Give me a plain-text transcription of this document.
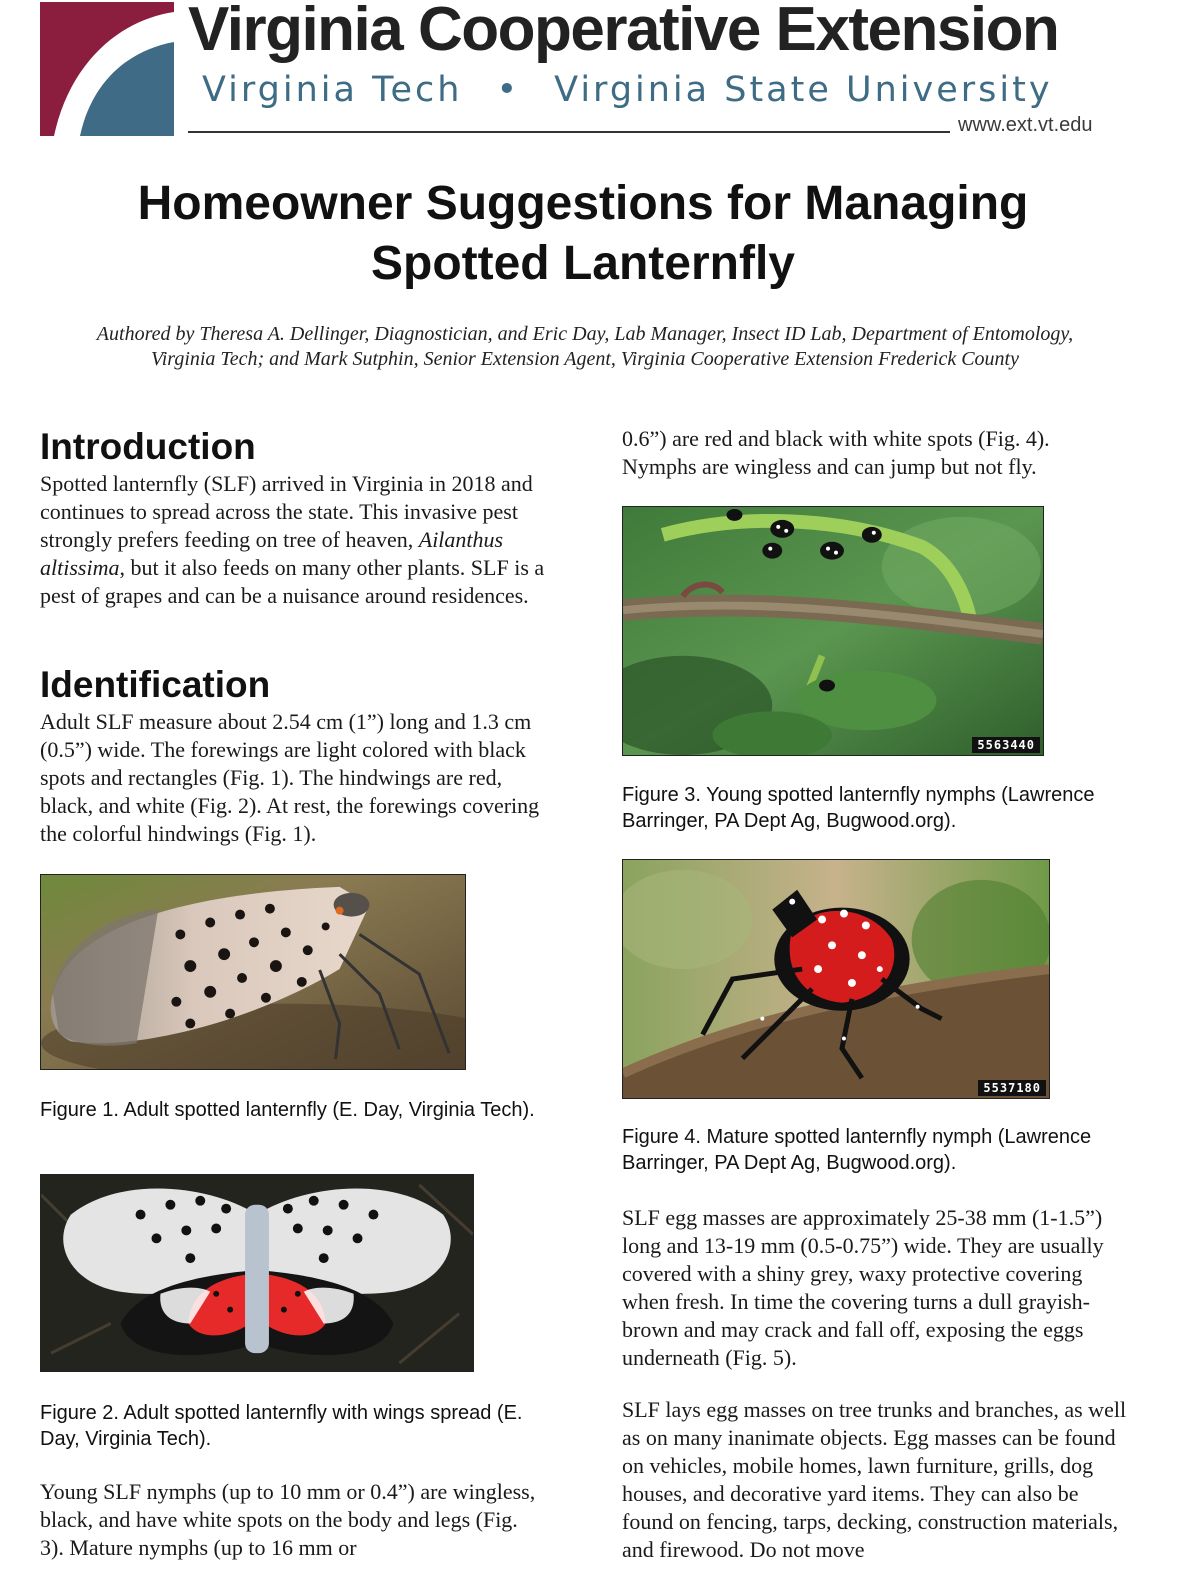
Virginia Cooperative Extension
Virginia Tech • Virginia State University
www.ext.vt.edu
Homeowner Suggestions for Managing
Spotted Lanternfly

Authored by Theresa A. Dellinger, Diagnostician, and Eric Day, Lab Manager, Insect ID Lab, Department of Entomology,
Virginia Tech; and Mark Sutphin, Senior Extension Agent, Virginia Cooperative Extension Frederick County

Introduction

Spotted lanternfly (SLF) arrived in Virginia in 2018 and continues to spread across the state. This invasive pest strongly prefers feeding on tree of heaven, Ailanthus altissima, but it also feeds on many other plants. SLF is a pest of grapes and can be a nuisance around residences.

Identification

Adult SLF measure about 2.54 cm (1”) long and 1.3 cm (0.5”) wide. The forewings are light colored with black spots and rectangles (Fig. 1). The hindwings are red, black, and white (Fig. 2). At rest, the forewings covering the colorful hindwings (Fig. 1).

Figure 1. Adult spotted lanternfly (E. Day, Virginia Tech).

Figure 2. Adult spotted lanternfly with wings spread (E. Day, Virginia Tech).

Young SLF nymphs (up to 10 mm or 0.4”) are wingless, black, and have white spots on the body and legs (Fig. 3). Mature nymphs (up to 16 mm or

0.6”) are red and black with white spots (Fig. 4). Nymphs are wingless and can jump but not fly.

5563440

Figure 3. Young spotted lanternfly nymphs (Lawrence Barringer, PA Dept Ag, Bugwood.org).

5537180

Figure 4. Mature spotted lanternfly nymph (Lawrence Barringer, PA Dept Ag, Bugwood.org).

SLF egg masses are approximately 25-38 mm (1-1.5”) long and 13-19 mm (0.5-0.75”) wide. They are usually covered with a shiny grey, waxy protective covering when fresh. In time the covering turns a dull grayish-brown and may crack and fall off, exposing the eggs underneath (Fig. 5).

SLF lays egg masses on tree trunks and branches, as well as on many inanimate objects. Egg masses can be found on vehicles, mobile homes, lawn furniture, grills, dog houses, and decorative yard items. They can also be found on fencing, tarps, decking, construction materials, and firewood. Do not move
